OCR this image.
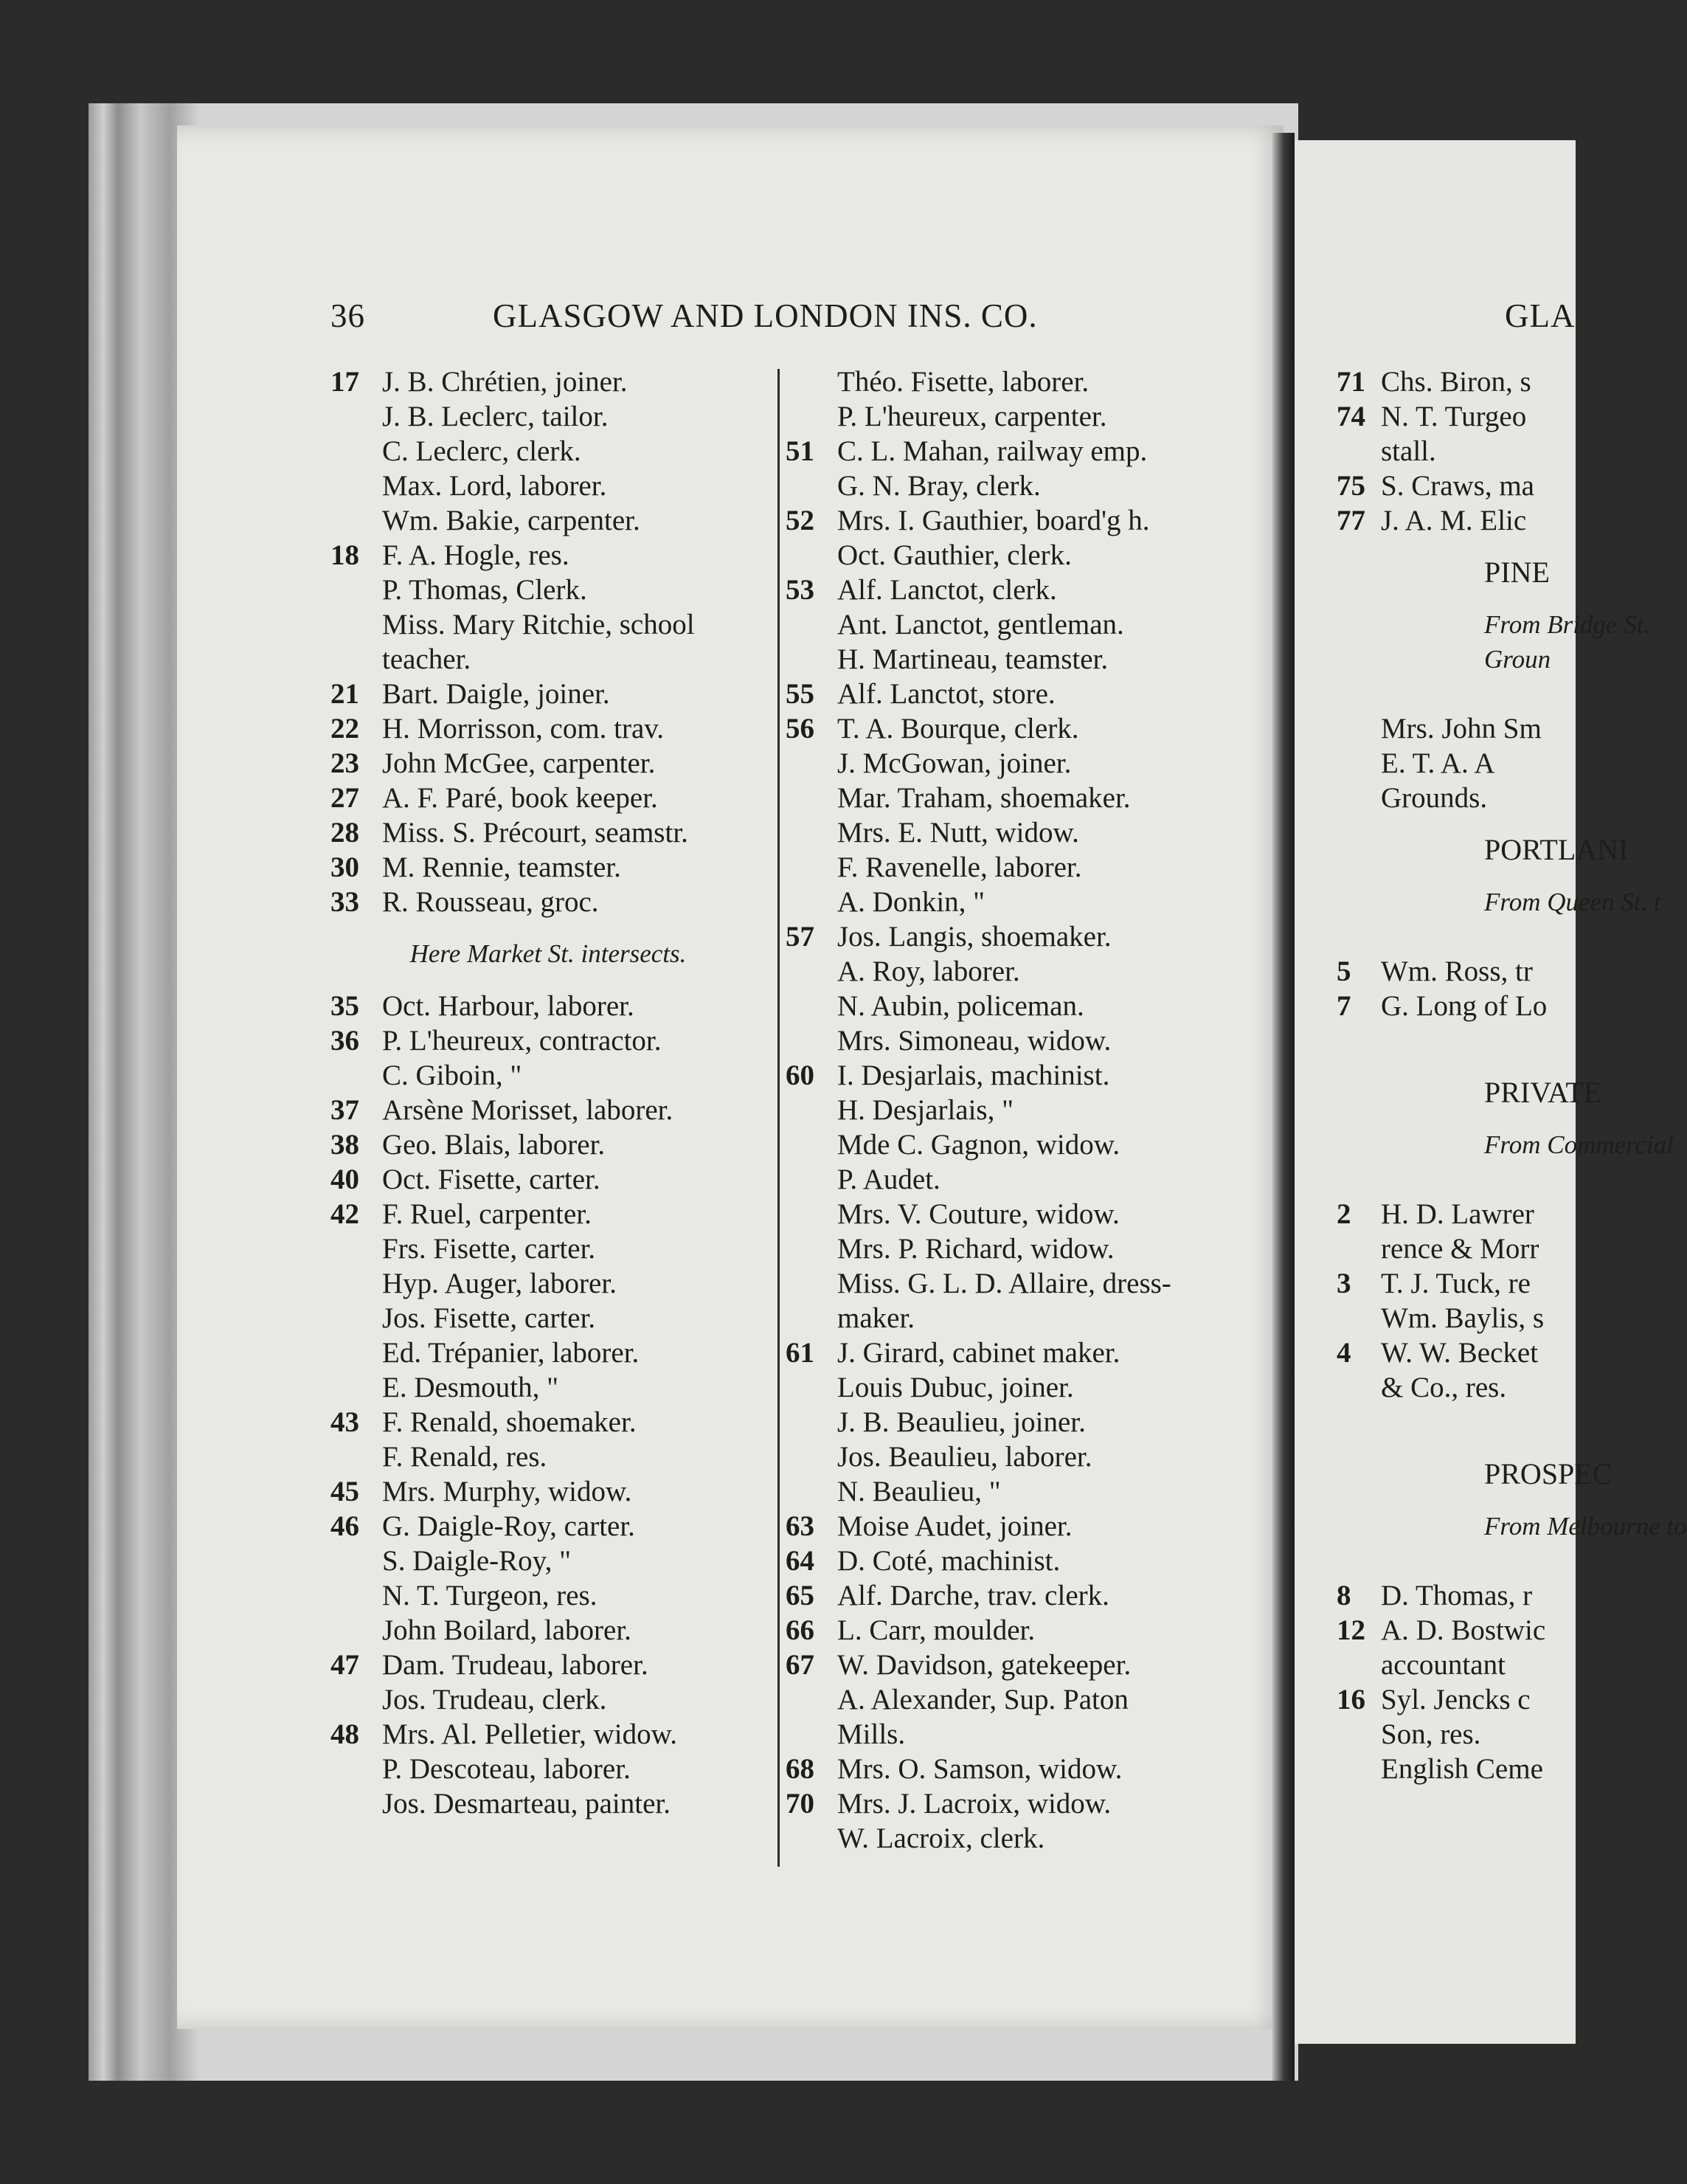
36	GLASGOW AND LONDON INS. CO.	GLA
17 J. B. Chrétien, joiner.
J. B. Leclerc, tailor.
C. Leclerc, clerk.
Max. Lord, laborer.
Wm. Bakie, carpenter.
18 F. A. Hogle, res.
P. Thomas, Clerk.
Miss. Mary Ritchie, school
teacher.
21 Bart. Daigle, joiner.
22 H. Morrisson, com. trav.
23 John McGee, carpenter.
27 A. F. Paré, book keeper.
28 Miss. S. Précourt, seamstr.
30 M. Rennie, teamster.
33 R. Rousseau, groc.
Here Market St. intersects.
35 Oct. Harbour, laborer.
36 P. L'heureux, contractor.
C. Giboin, "
37 Arsène Morisset, laborer.
38 Geo. Blais, laborer.
40 Oct. Fisette, carter.
42 F. Ruel, carpenter.
Frs. Fisette, carter.
Hyp. Auger, laborer.
Jos. Fisette, carter.
Ed. Trépanier, laborer.
E. Desmouth, "
43 F. Renald, shoemaker.
F. Renald, res.
45 Mrs. Murphy, widow.
46 G. Daigle-Roy, carter.
S. Daigle-Roy, "
N. T. Turgeon, res.
John Boilard, laborer.
47 Dam. Trudeau, laborer.
Jos. Trudeau, clerk.
48 Mrs. Al. Pelletier, widow.
P. Descoteau, laborer.
Jos. Desmarteau, painter.
Théo. Fisette, laborer.
P. L'heureux, carpenter.
51 C. L. Mahan, railway emp.
G. N. Bray, clerk.
52 Mrs. I. Gauthier, board'g h.
Oct. Gauthier, clerk.
53 Alf. Lanctot, clerk.
Ant. Lanctot, gentleman.
H. Martineau, teamster.
55 Alf. Lanctot, store.
56 T. A. Bourque, clerk.
J. McGowan, joiner.
Mar. Traham, shoemaker.
Mrs. E. Nutt, widow.
F. Ravenelle, laborer.
A. Donkin, "
57 Jos. Langis, shoemaker.
A. Roy, laborer.
N. Aubin, policeman.
Mrs. Simoneau, widow.
60 I. Desjarlais, machinist.
H. Desjarlais, "
Mde C. Gagnon, widow.
P. Audet.
Mrs. V. Couture, widow.
Mrs. P. Richard, widow.
Miss. G. L. D. Allaire, dress-
maker.
61 J. Girard, cabinet maker.
Louis Dubuc, joiner.
J. B. Beaulieu, joiner.
Jos. Beaulieu, laborer.
N. Beaulieu, "
63 Moise Audet, joiner.
64 D. Coté, machinist.
65 Alf. Darche, trav. clerk.
66 L. Carr, moulder.
67 W. Davidson, gatekeeper.
A. Alexander, Sup. Paton
Mills.
68 Mrs. O. Samson, widow.
70 Mrs. J. Lacroix, widow.
W. Lacroix, clerk.
71 Chs. Biron, s
74 N. T. Turgeo
stall.
75 S. Craws, ma
77 J. A. M. Elic
PINE
From Bridge St.
Groun
Mrs. John Sm
E. T. A. A
Grounds.
PORTLANI
From Queen St. t
5	Wm. Ross, tr
7	G. Long of Lo
PRIVATE
From Commercial
2	H. D. Lawrer
rence & Morr
3	T. J. Tuck, re
Wm. Baylis, s
4	W. W. Becket
& Co., res.
PROSPEC
From Melbourne to
8	D. Thomas, r
12 A. D. Bostwic
accountant
16 Syl. Jencks c
Son, res.
English Ceme
